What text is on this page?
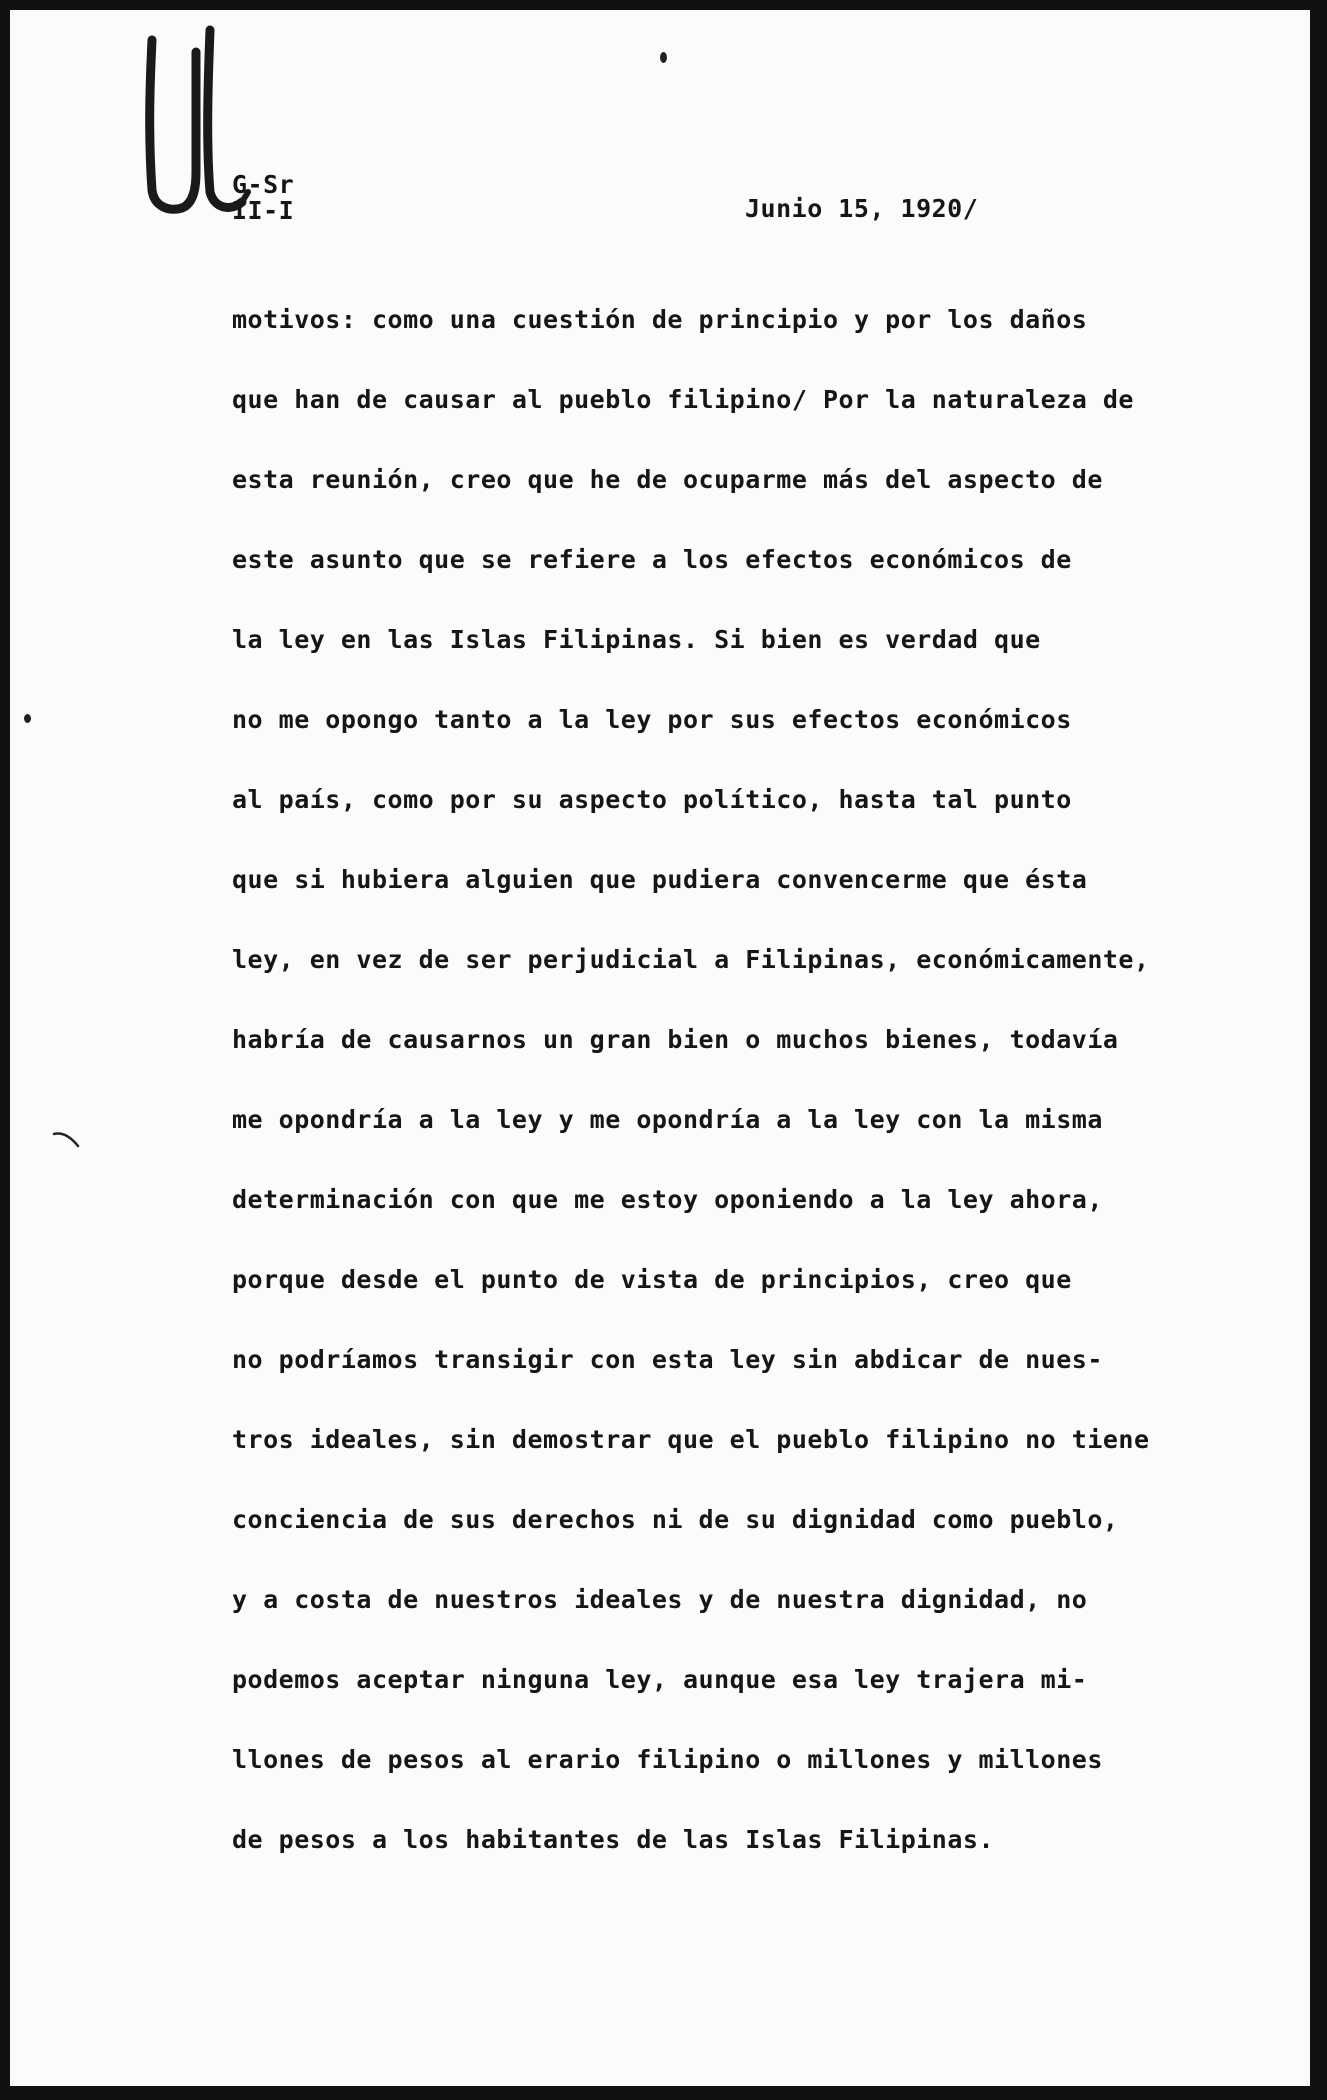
G-Sr
II-I	Junio 15, 1920/
motivos: como una cuestión de principio y por los daños
que han de causar al pueblo filipino/ Por la naturaleza de
esta reunión, creo que he de ocuparme más del aspecto de
este asunto que se refiere a los efectos económicos de
la ley en las Islas Filipinas. Si bien es verdad que
no me opongo tanto a la ley por sus efectos económicos
al país, como por su aspecto político, hasta tal punto
que si hubiera alguien que pudiera convencerme que ésta
ley, en vez de ser perjudicial a Filipinas, económicamente,
habría de causarnos un gran bien o muchos bienes, todavía
me opondría a la ley y me opondría a la ley con la misma
determinación con que me estoy oponiendo a la ley ahora,
porque desde el punto de vista de principios, creo que
no podríamos transigir con esta ley sin abdicar de nues-
tros ideales, sin demostrar que el pueblo filipino no tiene
conciencia de sus derechos ni de su dignidad como pueblo,
y a costa de nuestros ideales y de nuestra dignidad, no
podemos aceptar ninguna ley, aunque esa ley trajera mi-
llones de pesos al erario filipino o millones y millones
de pesos a los habitantes de las Islas Filipinas.
